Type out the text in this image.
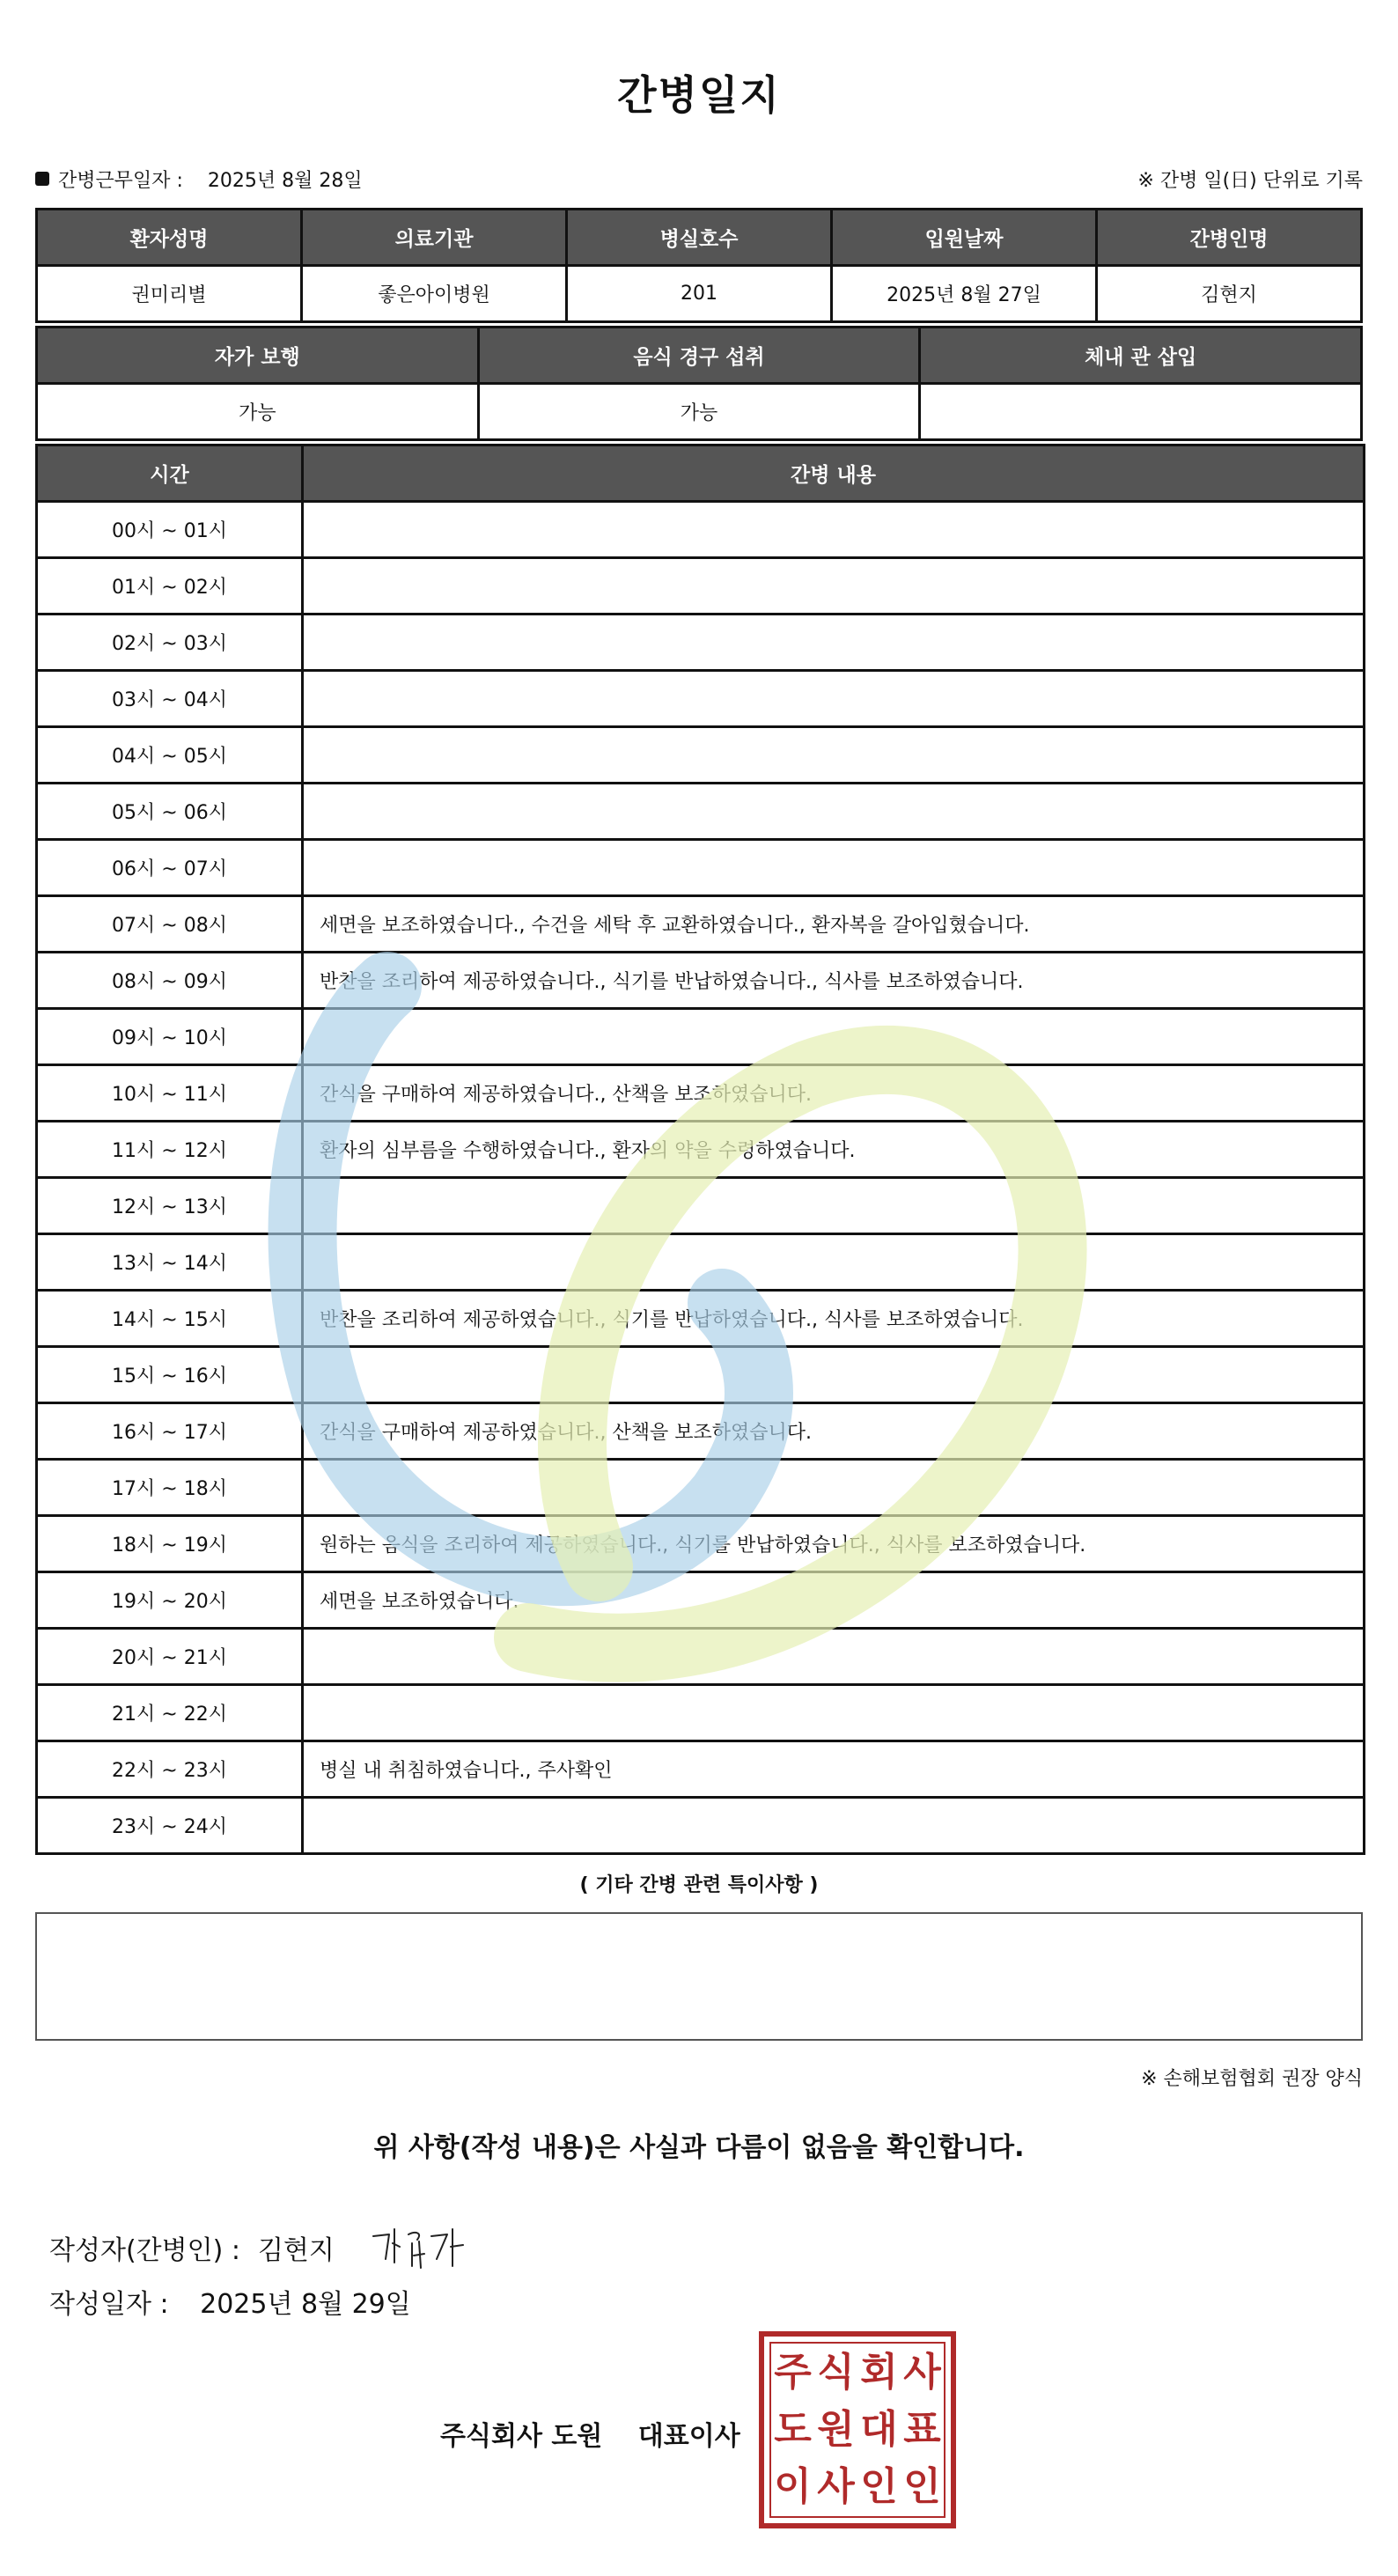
간병일지
간병근무일자 : 2025년 8월 28일	※ 간병 일(日) 단위로 기록
환자성명	의료기관	병실호수	입원날짜	간병인명
권미리별	좋은아이병원	201	2025년 8월 27일	김현지
자가 보행	음식 경구 섭취	체내 관 삽입
가능	가능	
시간	간병 내용
00시 ~ 01시	
01시 ~ 02시	
02시 ~ 03시	
03시 ~ 04시	
04시 ~ 05시	
05시 ~ 06시	
06시 ~ 07시	
07시 ~ 08시	세면을 보조하였습니다., 수건을 세탁 후 교환하였습니다., 환자복을 갈아입혔습니다.
08시 ~ 09시	반찬을 조리하여 제공하였습니다., 식기를 반납하였습니다., 식사를 보조하였습니다.
09시 ~ 10시	
10시 ~ 11시	간식을 구매하여 제공하였습니다., 산책을 보조하였습니다.
11시 ~ 12시	환자의 심부름을 수행하였습니다., 환자의 약을 수령하였습니다.
12시 ~ 13시	
13시 ~ 14시	
14시 ~ 15시	반찬을 조리하여 제공하였습니다., 식기를 반납하였습니다., 식사를 보조하였습니다.
15시 ~ 16시	
16시 ~ 17시	간식을 구매하여 제공하였습니다., 산책을 보조하였습니다.
17시 ~ 18시	
18시 ~ 19시	원하는 음식을 조리하여 제공하였습니다., 식기를 반납하였습니다., 식사를 보조하였습니다.
19시 ~ 20시	세면을 보조하였습니다.
20시 ~ 21시	
21시 ~ 22시	
22시 ~ 23시	병실 내 취침하였습니다., 주사확인
23시 ~ 24시	
( 기타 간병 관련 특이사항 )
※ 손해보험협회 권장 양식
위 사항(작성 내용)은 사실과 다름이 없음을 확인합니다.
작성자(간병인) : 김현지
작성일자 : 2025년 8월 29일
주식회사 도원 대표이사
주 식 회 사
도 원 대 표
이 사 인 인
